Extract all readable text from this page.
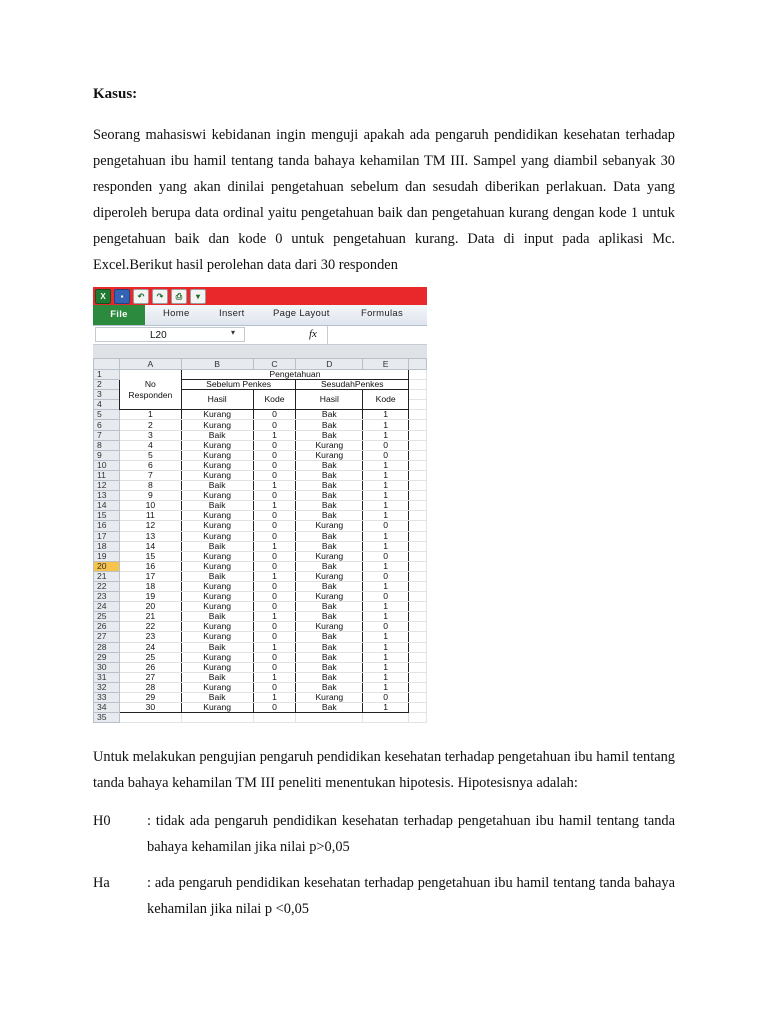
Kasus:
Seorang mahasiswi kebidanan ingin menguji apakah ada pengaruh pendidikan kesehatan terhadap pengetahuan ibu hamil tentang tanda bahaya kehamilan TM III. Sampel yang diambil sebanyak 30 responden yang akan dinilai pengetahuan sebelum dan sesudah diberikan perlakuan. Data yang diperoleh berupa data ordinal yaitu pengetahuan baik dan pengetahuan kurang dengan kode 1 untuk pengetahuan baik dan kode 0 untuk pengetahuan kurang. Data di input pada aplikasi Mc. Excel.Berikut hasil perolehan data dari 30 responden
X	▪	↶	↷	⎙	▾
File	Home	Insert	Page Layout	Formulas
L20	▾	fx
	A	B	C	D	E	
1	No
Responden	Pengetahuan				
2		Sebelum Penkes		SesudahPenkes		
3		Hasil	Kode	Hasil	Kode	
4						
5	1	Kurang	0	Bak	1	
6	2	Kurang	0	Bak	1	
7	3	Baik	1	Bak	1	
8	4	Kurang	0	Kurang	0	
9	5	Kurang	0	Kurang	0	
10	6	Kurang	0	Bak	1	
11	7	Kurang	0	Bak	1	
12	8	Baik	1	Bak	1	
13	9	Kurang	0	Bak	1	
14	10	Baik	1	Bak	1	
15	11	Kurang	0	Bak	1	
16	12	Kurang	0	Kurang	0	
17	13	Kurang	0	Bak	1	
18	14	Baik	1	Bak	1	
19	15	Kurang	0	Kurang	0	
20	16	Kurang	0	Bak	1	
21	17	Baik	1	Kurang	0	
22	18	Kurang	0	Bak	1	
23	19	Kurang	0	Kurang	0	
24	20	Kurang	0	Bak	1	
25	21	Baik	1	Bak	1	
26	22	Kurang	0	Kurang	0	
27	23	Kurang	0	Bak	1	
28	24	Baik	1	Bak	1	
29	25	Kurang	0	Bak	1	
30	26	Kurang	0	Bak	1	
31	27	Baik	1	Bak	1	
32	28	Kurang	0	Bak	1	
33	29	Baik	1	Kurang	0	
34	30	Kurang	0	Bak	1	
35						
Untuk melakukan pengujian pengaruh pendidikan kesehatan terhadap pengetahuan ibu hamil tentang tanda bahaya kehamilan TM III peneliti menentukan hipotesis. Hipotesisnya adalah:
H0	: tidak ada pengaruh pendidikan kesehatan terhadap pengetahuan ibu hamil tentang tanda bahaya kehamilan jika nilai p>0,05
Ha	: ada pengaruh pendidikan kesehatan terhadap pengetahuan ibu hamil tentang tanda bahaya kehamilan jika nilai p <0,05
